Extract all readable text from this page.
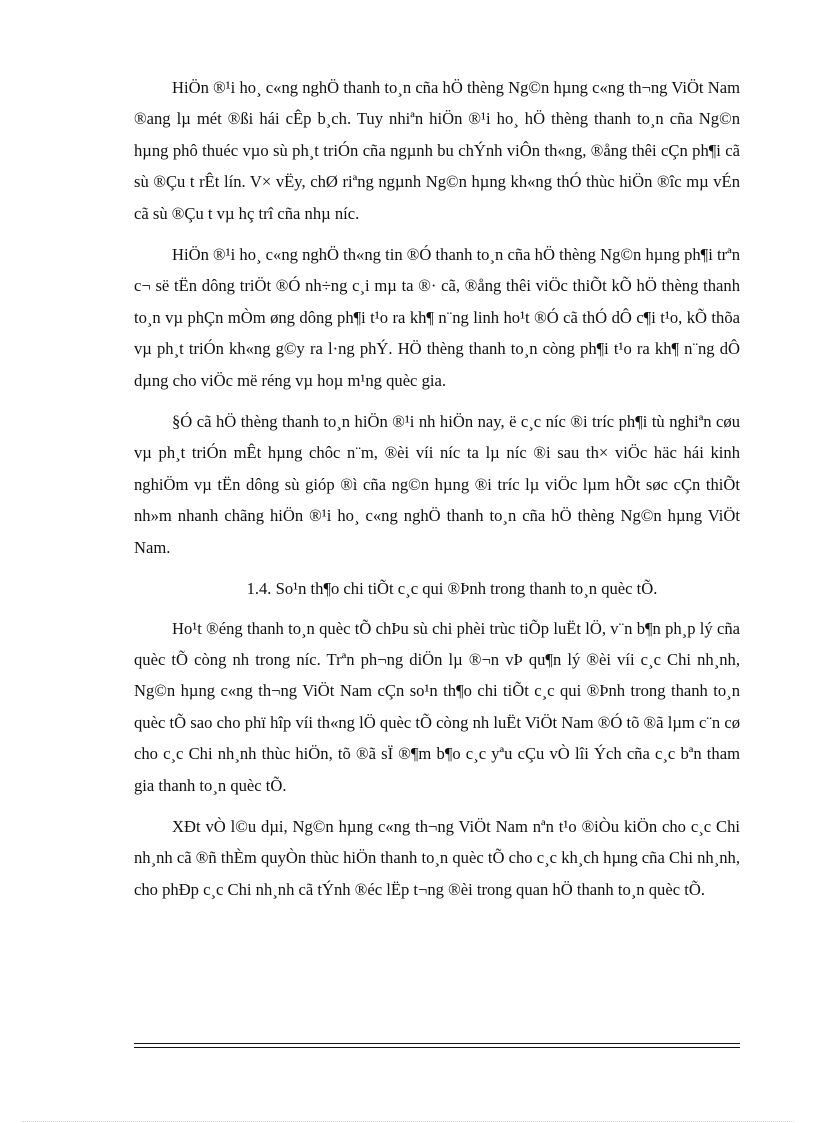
HiÖn ®¹i ho¸ c«ng nghÖ thanh to¸n cña hÖ thèng Ng©n hµng c«ng th¬ng ViÖt Nam ®ang lµ mét ®ßi hái cÊp b¸ch. Tuy nhiªn hiÖn ®¹i ho¸ hÖ thèng thanh to¸n cña Ng©n hµng phô thuéc vµo sù ph¸t triÓn cña ngµnh bu chÝnh viÔn th«ng, ®ång thêi cÇn ph¶i cã sù ®Çu t rÊt lín. V× vËy, chØ riªng ngµnh Ng©n hµng kh«ng thÓ thùc hiÖn ®îc mµ vÉn cã sù ®Çu t vµ hç trî cña nhµ níc.

HiÖn ®¹i ho¸ c«ng nghÖ th«ng tin ®Ó thanh to¸n cña hÖ thèng Ng©n hµng ph¶i trªn c¬ së tËn dông triÖt ®Ó nh÷ng c¸i mµ ta ®· cã, ®ång thêi viÖc thiÕt kÕ hÖ thèng thanh to¸n vµ phÇn mÒm øng dông ph¶i t¹o ra kh¶ n¨ng linh ho¹t ®Ó cã thÓ dÔ c¶i t¹o, kÕ thõa vµ ph¸t triÓn kh«ng g©y ra l·ng phÝ. HÖ thèng thanh to¸n còng ph¶i t¹o ra kh¶ n¨ng dÔ dµng cho viÖc më réng vµ hoµ m¹ng quèc gia.

§Ó cã hÖ thèng thanh to¸n hiÖn ®¹i nh hiÖn nay, ë c¸c níc ®i tríc ph¶i tù nghiªn cøu vµ ph¸t triÓn mÊt hµng chôc n¨m, ®èi víi níc ta lµ níc ®i sau th× viÖc häc hái kinh nghiÖm vµ tËn dông sù gióp ®ì cña ng©n hµng ®i tríc lµ viÖc lµm hÕt søc cÇn thiÕt nh»m nhanh chãng hiÖn ®¹i ho¸ c«ng nghÖ thanh to¸n cña hÖ thèng Ng©n hµng ViÖt Nam.

1.4. So¹n th¶o chi tiÕt c¸c qui ®Þnh trong thanh to¸n quèc tÕ.

Ho¹t ®éng thanh to¸n quèc tÕ chÞu sù chi phèi trùc tiÕp luËt lÖ, v¨n b¶n ph¸p lý cña quèc tÕ còng nh trong níc. Trªn ph¬ng diÖn lµ ®¬n vÞ qu¶n lý ®èi víi c¸c Chi nh¸nh, Ng©n hµng c«ng th¬ng ViÖt Nam cÇn so¹n th¶o chi tiÕt c¸c qui ®Þnh trong thanh to¸n quèc tÕ sao cho phï hîp víi th«ng lÖ quèc tÕ còng nh luËt ViÖt Nam ®Ó tõ ®ã lµm c¨n cø cho c¸c Chi nh¸nh thùc hiÖn, tõ ®ã sÏ ®¶m b¶o c¸c yªu cÇu vÒ lîi Ých cña c¸c bªn tham gia thanh to¸n quèc tÕ.

XÐt vÒ l©u dµi, Ng©n hµng c«ng th¬ng ViÖt Nam nªn t¹o ®iÒu kiÖn cho c¸c Chi nh¸nh cã ®ñ thÈm quyÒn thùc hiÖn thanh to¸n quèc tÕ cho c¸c kh¸ch hµng cña Chi nh¸nh, cho phÐp c¸c Chi nh¸nh cã tÝnh ®éc lËp t¬ng ®èi trong quan hÖ thanh to¸n quèc tÕ.
